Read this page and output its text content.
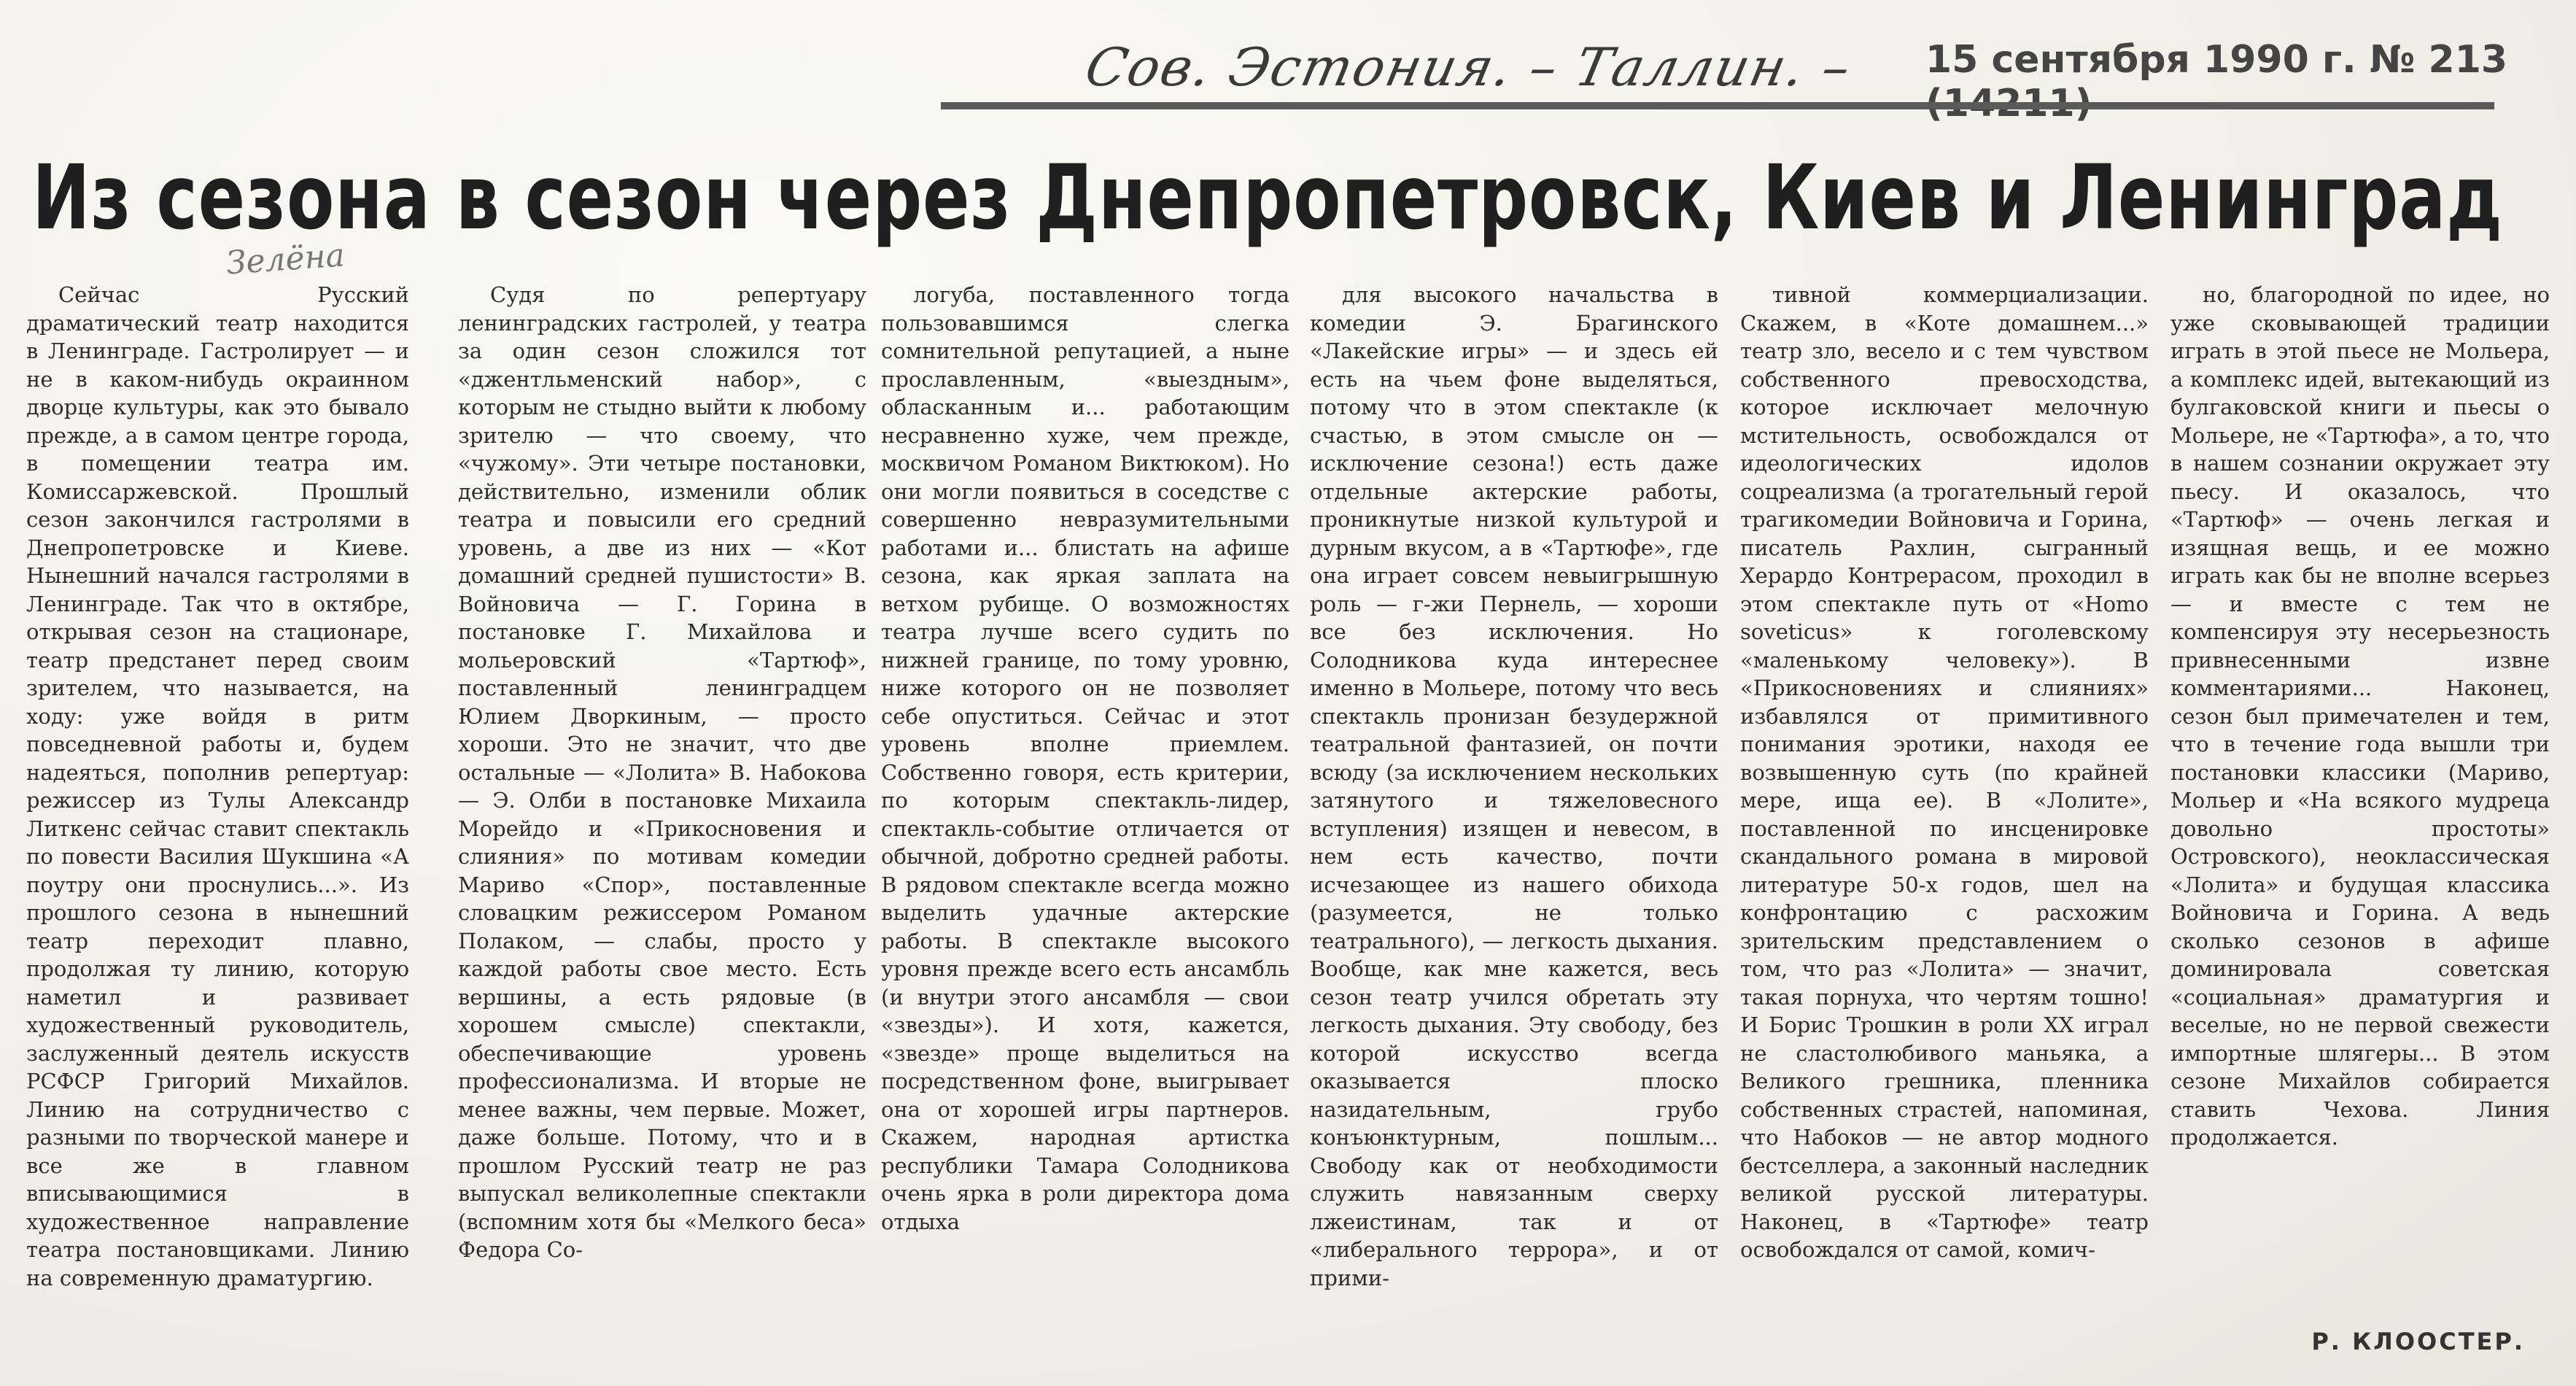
Сов. Эстония. – Таллин. – 15 сентября 1990 г. № 213
Из сезона в сезон через Днепропетровск, Киев и Ленинград
Зелёна

Сейчас Русский драматический театр находится в Ленинграде. Гастролирует — и не в каком-нибудь окраинном дворце культуры, как это бывало прежде, а в самом центре города, в помещении театра им. Комиссаржевской. Прошлый сезон закончился гастролями в Днепропетровске и Киеве. Нынешний начался гастролями в Ленинграде. Так что в октябре, открывая сезон на стационаре, театр предстанет перед своим зрителем, что называется, на ходу: уже войдя в ритм повседневной работы и, будем надеяться, пополнив репертуар: режиссер из Тулы Александр Литкенс сейчас ставит спектакль по повести Василия Шукшина «А поутру они проснулись...». Из прошлого сезона в нынешний театр переходит плавно, продолжая ту линию, которую наметил и развивает художественный руководитель, заслуженный деятель искусств РСФСР Григорий Михайлов. Линию на сотрудничество с разными по творческой манере и все же в главном вписывающимися в художественное направление театра постановщиками. Линию на современную драматургию.

Судя по репертуару ленинградских гастролей, у театра за один сезон сложился тот «джентльменский набор», с которым не стыдно выйти к любому зрителю — что своему, что «чужому». Эти четыре постановки, действительно, изменили облик театра и повысили его средний уровень, а две из них — «Кот домашний средней пушистости» В. Войновича — Г. Горина в постановке Г. Михайлова и мольеровский «Тартюф», поставленный ленинградцем Юлием Дворкиным, — просто хороши. Это не значит, что две остальные — «Лолита» В. Набокова — Э. Олби в постановке Михаила Морейдо и «Прикосновения и слияния» по мотивам комедии Мариво «Спор», поставленные словацким режиссером Романом Полаком, — слабы, просто у каждой работы свое место. Есть вершины, а есть рядовые (в хорошем смысле) спектакли, обеспечивающие уровень профессионализма. И вторые не менее важны, чем первые. Может, даже больше. Потому, что и в прошлом Русский театр не раз выпускал великолепные спектакли (вспомним хотя бы «Мелкого беса» Федора Со-

логуба, поставленного тогда пользовавшимся слегка сомнительной репутацией, а ныне прославленным, «выездным», обласканным и... работающим несравненно хуже, чем прежде, москвичом Романом Виктюком). Но они могли появиться в соседстве с совершенно невразумительными работами и... блистать на афише сезона, как яркая заплата на ветхом рубище. О возможностях театра лучше всего судить по нижней границе, по тому уровню, ниже которого он не позволяет себе опуститься. Сейчас и этот уровень вполне приемлем. Собственно говоря, есть критерии, по которым спектакль-лидер, спектакль-событие отличается от обычной, добротно средней работы. В рядовом спектакле всегда можно выделить удачные актерские работы. В спектакле высокого уровня прежде всего есть ансамбль (и внутри этого ансамбля — свои «звезды»). И хотя, кажется, «звезде» проще выделиться на посредственном фоне, выигрывает она от хорошей игры партнеров. Скажем, народная артистка республики Тамара Солодникова очень ярка в роли директора дома отдыха

для высокого начальства в комедии Э. Брагинского «Лакейские игры» — и здесь ей есть на чьем фоне выделяться, потому что в этом спектакле (к счастью, в этом смысле он — исключение сезона!) есть даже отдельные актерские работы, проникнутые низкой культурой и дурным вкусом, а в «Тартюфе», где она играет совсем невыигрышную роль — г-жи Пернель, — хороши все без исключения. Но Солодникова куда интереснее именно в Мольере, потому что весь спектакль пронизан безудержной театральной фантазией, он почти всюду (за исключением нескольких затянутого и тяжеловесного вступления) изящен и невесом, в нем есть качество, почти исчезающее из нашего обихода (разумеется, не только театрального), — легкость дыхания. Вообще, как мне кажется, весь сезон театр учился обретать эту легкость дыхания. Эту свободу, без которой искусство всегда оказывается плоско назидательным, грубо конъюнктурным, пошлым... Свободу как от необходимости служить навязанным сверху лжеистинам, так и от «либерального террора», и от прими-

тивной коммерциализации. Скажем, в «Коте домашнем...» театр зло, весело и с тем чувством собственного превосходства, которое исключает мелочную мстительность, освобождался от идеологических идолов соцреализма (а трогательный герой трагикомедии Войновича и Горина, писатель Рахлин, сыгранный Херардо Контрерасом, проходил в этом спектакле путь от «Homo soveticus» к гоголевскому «маленькому человеку»). В «Прикосновениях и слияниях» избавлялся от примитивного понимания эротики, находя ее возвышенную суть (по крайней мере, ища ее). В «Лолите», поставленной по инсценировке скандального романа в мировой литературе 50-х годов, шел на конфронтацию с расхожим зрительским представлением о том, что раз «Лолита» — значит, такая порнуха, что чертям тошно! И Борис Трошкин в роли XX играл не сластолюбивого маньяка, а Великого грешника, пленника собственных страстей, напоминая, что Набоков — не автор модного бестселлера, а законный наследник великой русской литературы. Наконец, в «Тартюфе» театр освобождался от самой, комич-

но, благородной по идее, но уже сковывающей традиции играть в этой пьесе не Мольера, а комплекс идей, вытекающий из булгаковской книги и пьесы о Мольере, не «Тартюфа», а то, что в нашем сознании окружает эту пьесу. И оказалось, что «Тартюф» — очень легкая и изящная вещь, и ее можно играть как бы не вполне всерьез — и вместе с тем не компенсируя эту несерьезность привнесенными извне комментариями... Наконец, сезон был примечателен и тем, что в течение года вышли три постановки классики (Мариво, Мольер и «На всякого мудреца довольно простоты» Островского), неоклассическая «Лолита» и будущая классика Войновича и Горина. А ведь сколько сезонов в афише доминировала советская «социальная» драматургия и веселые, но не первой свежести импортные шлягеры... В этом сезоне Михайлов собирается ставить Чехова. Линия продолжается.

Р. КЛООСТЕР.
